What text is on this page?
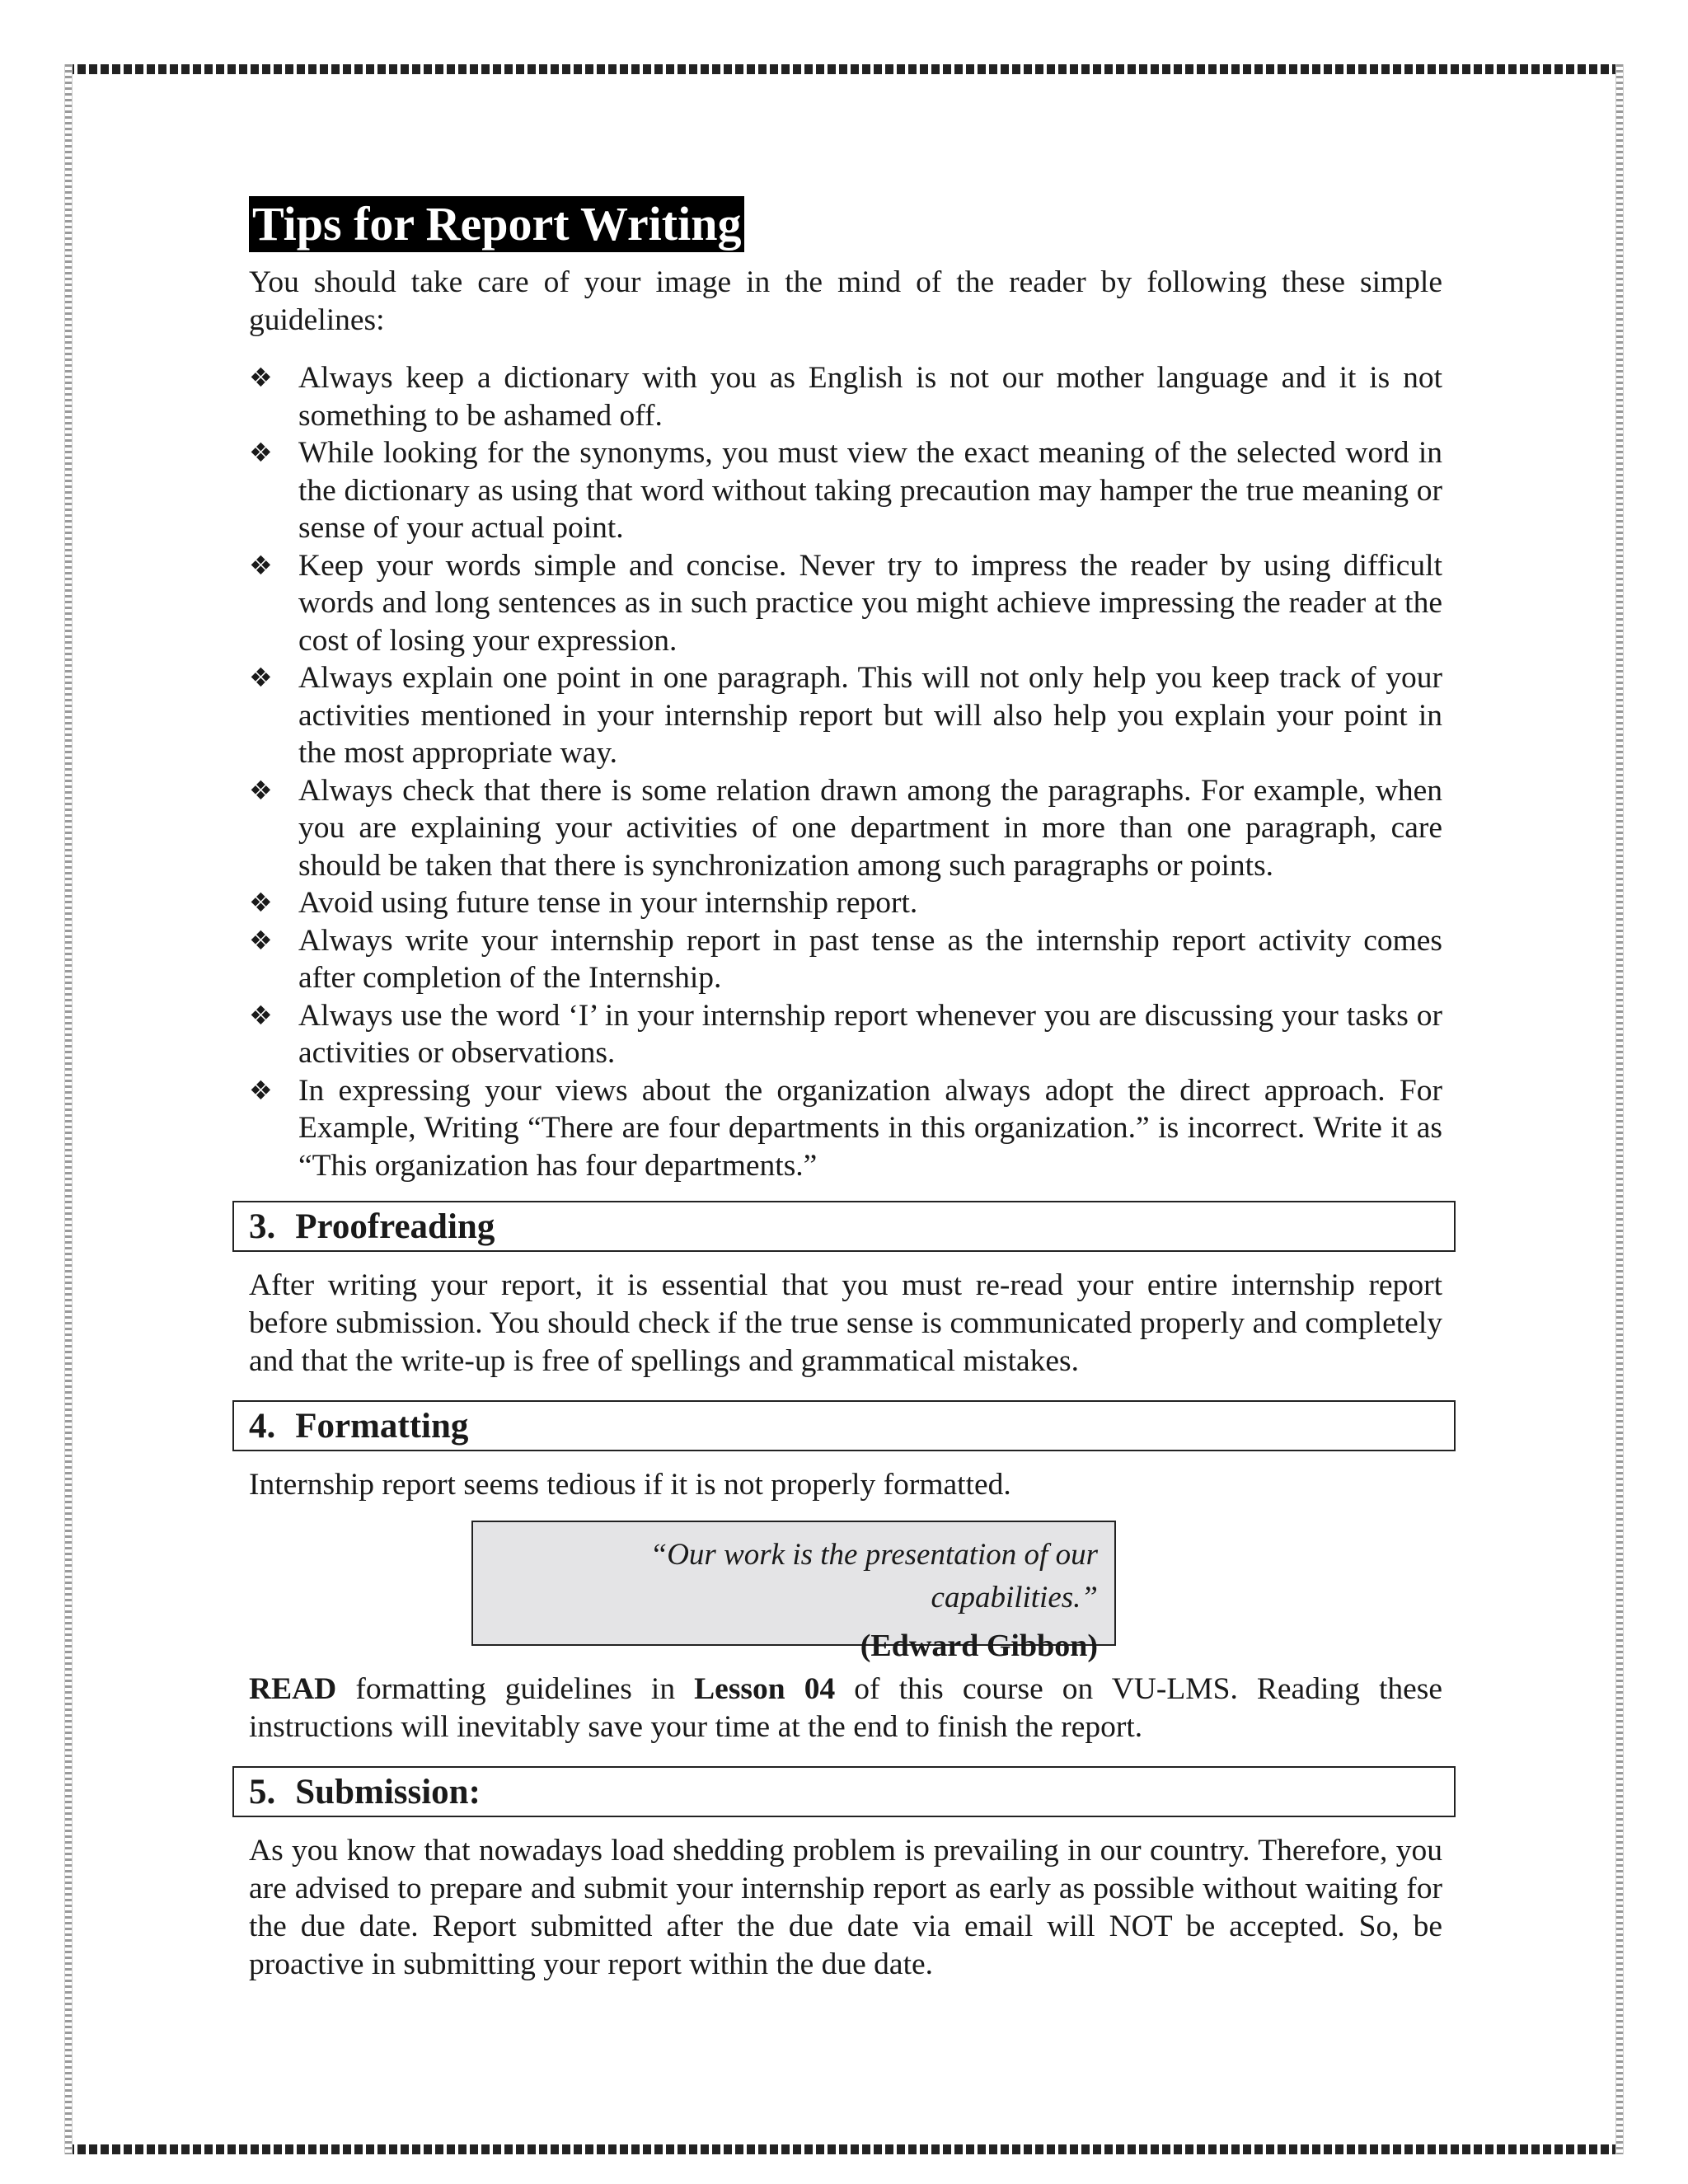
Tips for Report Writing

You should take care of your image in the mind of the reader by following these simple guidelines:

❖ Always keep a dictionary with you as English is not our mother language and it is not something to be ashamed off.
❖ While looking for the synonyms, you must view the exact meaning of the selected word in the dictionary as using that word without taking precaution may hamper the true meaning or sense of your actual point.
❖ Keep your words simple and concise. Never try to impress the reader by using difficult words and long sentences as in such practice you might achieve impressing the reader at the cost of losing your expression.
❖ Always explain one point in one paragraph. This will not only help you keep track of your activities mentioned in your internship report but will also help you explain your point in the most appropriate way.
❖ Always check that there is some relation drawn among the paragraphs. For example, when you are explaining your activities of one department in more than one paragraph, care should be taken that there is synchronization among such paragraphs or points.
❖ Avoid using future tense in your internship report.
❖ Always write your internship report in past tense as the internship report activity comes after completion of the Internship.
❖ Always use the word ‘I’ in your internship report whenever you are discussing your tasks or activities or observations.
❖ In expressing your views about the organization always adopt the direct approach. For Example, Writing “There are four departments in this organization.” is incorrect. Write it as “This organization has four departments.”
3. Proofreading

After writing your report, it is essential that you must re-read your entire internship report before submission. You should check if the true sense is communicated properly and completely and that the write-up is free of spellings and grammatical mistakes.

4. Formatting

Internship report seems tedious if it is not properly formatted.

“Our work is the presentation of our capabilities.”
(Edward Gibbon)

READ formatting guidelines in Lesson 04 of this course on VU-LMS. Reading these instructions will inevitably save your time at the end to finish the report.

5. Submission:

As you know that nowadays load shedding problem is prevailing in our country. Therefore, you are advised to prepare and submit your internship report as early as possible without waiting for the due date. Report submitted after the due date via email will NOT be accepted. So, be proactive in submitting your report within the due date.
